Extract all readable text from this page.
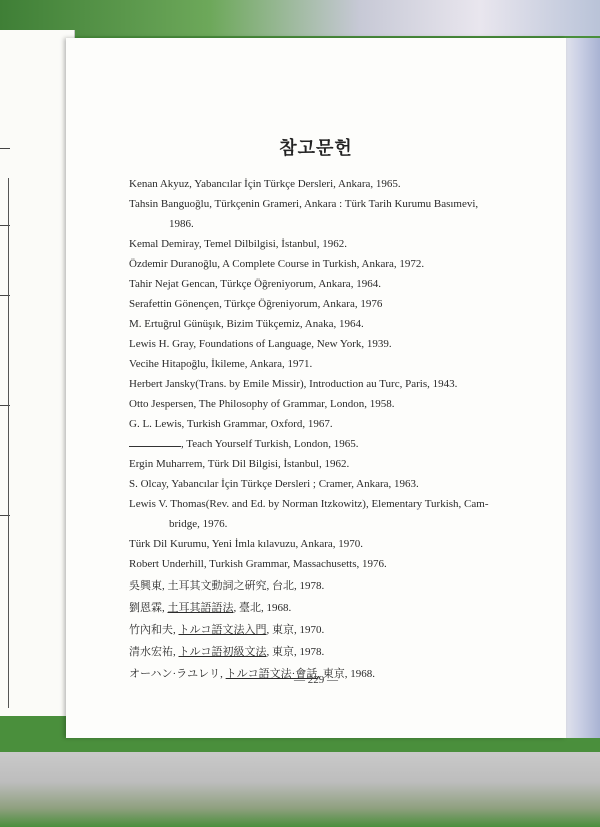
참고문헌
Kenan Akyuz, Yabancılar İçin Türkçe Dersleri, Ankara, 1965.
Tahsin Banguoğlu, Türkçenin Grameri, Ankara : Türk Tarih Kurumu Basımevi,
1986.
Kemal Demiray, Temel Dilbilgisi, İstanbul, 1962.
Özdemir Duranoğlu, A Complete Course in Turkish, Ankara, 1972.
Tahir Nejat Gencan, Türkçe Öğreniyorum, Ankara, 1964.
Serafettin Gönençen, Türkçe Öğreniyorum, Ankara, 1976
M. Ertuğrul Günüşık, Bizim Tükçemiz, Anaka, 1964.
Lewis H. Gray, Foundations of Language, New York, 1939.
Vecihe Hitapoğlu, İkileme, Ankara, 1971.
Herbert Jansky(Trans. by Emile Missir), Introduction au Turc, Paris, 1943.
Otto Jespersen, The Philosophy of Grammar, London, 1958.
G. L. Lewis, Turkish Grammar, Oxford, 1967.
, Teach Yourself Turkish, London, 1965.
Ergin Muharrem, Türk Dil Bilgisi, İstanbul, 1962.
S. Olcay, Yabancılar İçin Türkçe Dersleri ; Cramer, Ankara, 1963.
Lewis V. Thomas(Rev. and Ed. by Norman Itzkowitz), Elementary Turkish, Cam-
bridge, 1976.
Türk Dil Kurumu, Yeni İmla kılavuzu, Ankara, 1970.
Robert Underhill, Turkish Grammar, Massachusetts, 1976.
吳興東, 土耳其文動詞之硏究, 台北, 1978.
劉恩霖, 土耳其語語法, 臺北, 1968.
竹內和夫, トルコ語文法入門, 東京, 1970.
清水宏祐, トルコ語初級文法, 東京, 1978.
オーハン·ラユレリ, トルコ語文法·會話, 東京, 1968.
— 229 —
